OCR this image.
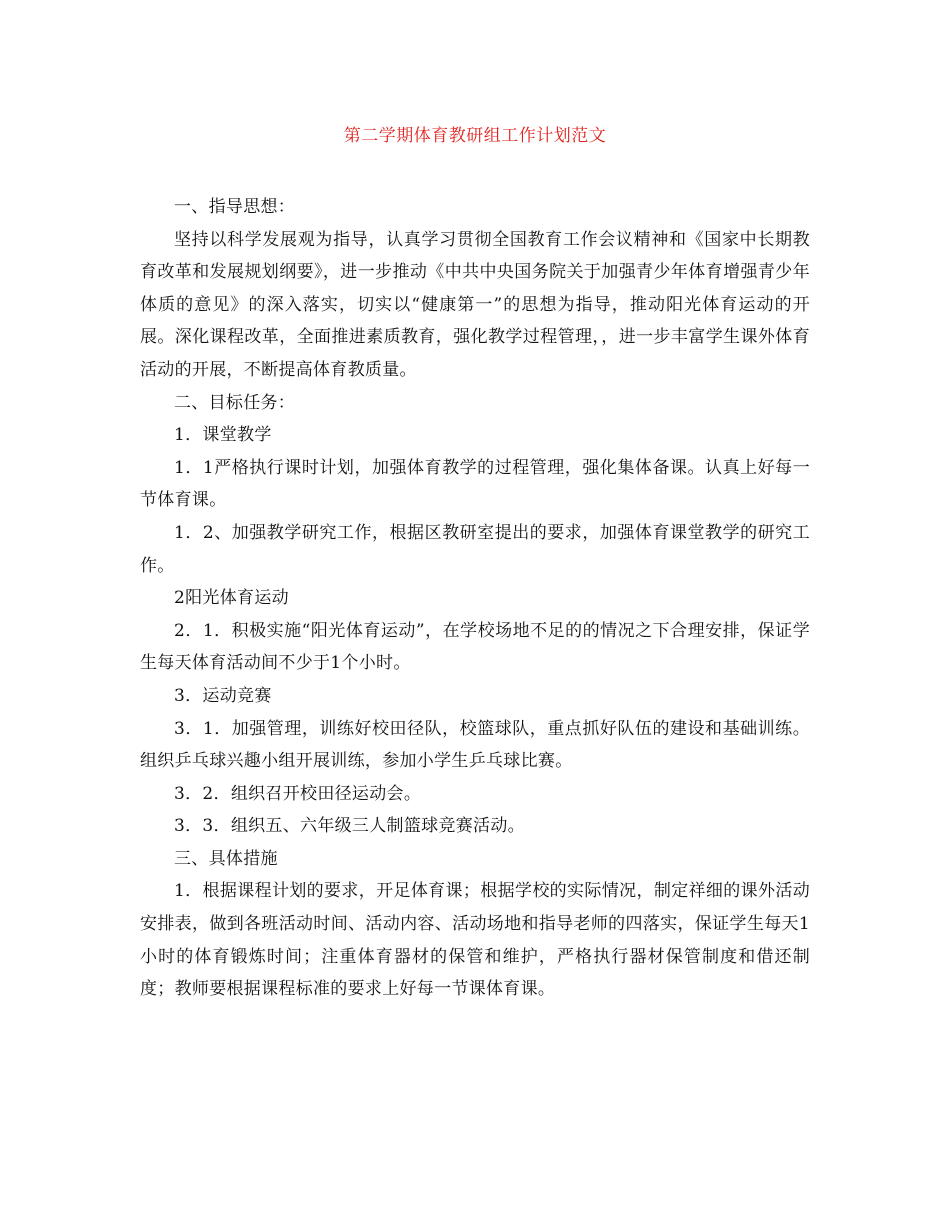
第二学期体育教研组工作计划范文

一、指导思想：

坚持以科学发展观为指导，认真学习贯彻全国教育工作会议精神和《国家中长期教育改革和发展规划纲要》，进一步推动《中共中央国务院关于加强青少年体育增强青少年体质的意见》的深入落实，切实以“健康第一”的思想为指导，推动阳光体育运动的开展。深化课程改革，全面推进素质教育，强化教学过程管理，，进一步丰富学生课外体育活动的开展，不断提高体育教质量。

二、目标任务：

1．课堂教学

1．1严格执行课时计划，加强体育教学的过程管理，强化集体备课。认真上好每一节体育课。

1．2、加强教学研究工作，根据区教研室提出的要求，加强体育课堂教学的研究工作。

2阳光体育运动

2．1．积极实施“阳光体育运动”，在学校场地不足的的情况之下合理安排，保证学生每天体育活动间不少于1个小时。

3．运动竞赛

3．1．加强管理，训练好校田径队，校篮球队，重点抓好队伍的建设和基础训练。组织乒乓球兴趣小组开展训练，参加小学生乒乓球比赛。

3．2．组织召开校田径运动会。

3．3．组织五、六年级三人制篮球竞赛活动。

三、具体措施

1．根据课程计划的要求，开足体育课；根据学校的实际情况，制定祥细的课外活动安排表，做到各班活动时间、活动内容、活动场地和指导老师的四落实，保证学生每天1小时的体育锻炼时间；注重体育器材的保管和维护，严格执行器材保管制度和借还制度；教师要根据课程标准的要求上好每一节课体育课。
